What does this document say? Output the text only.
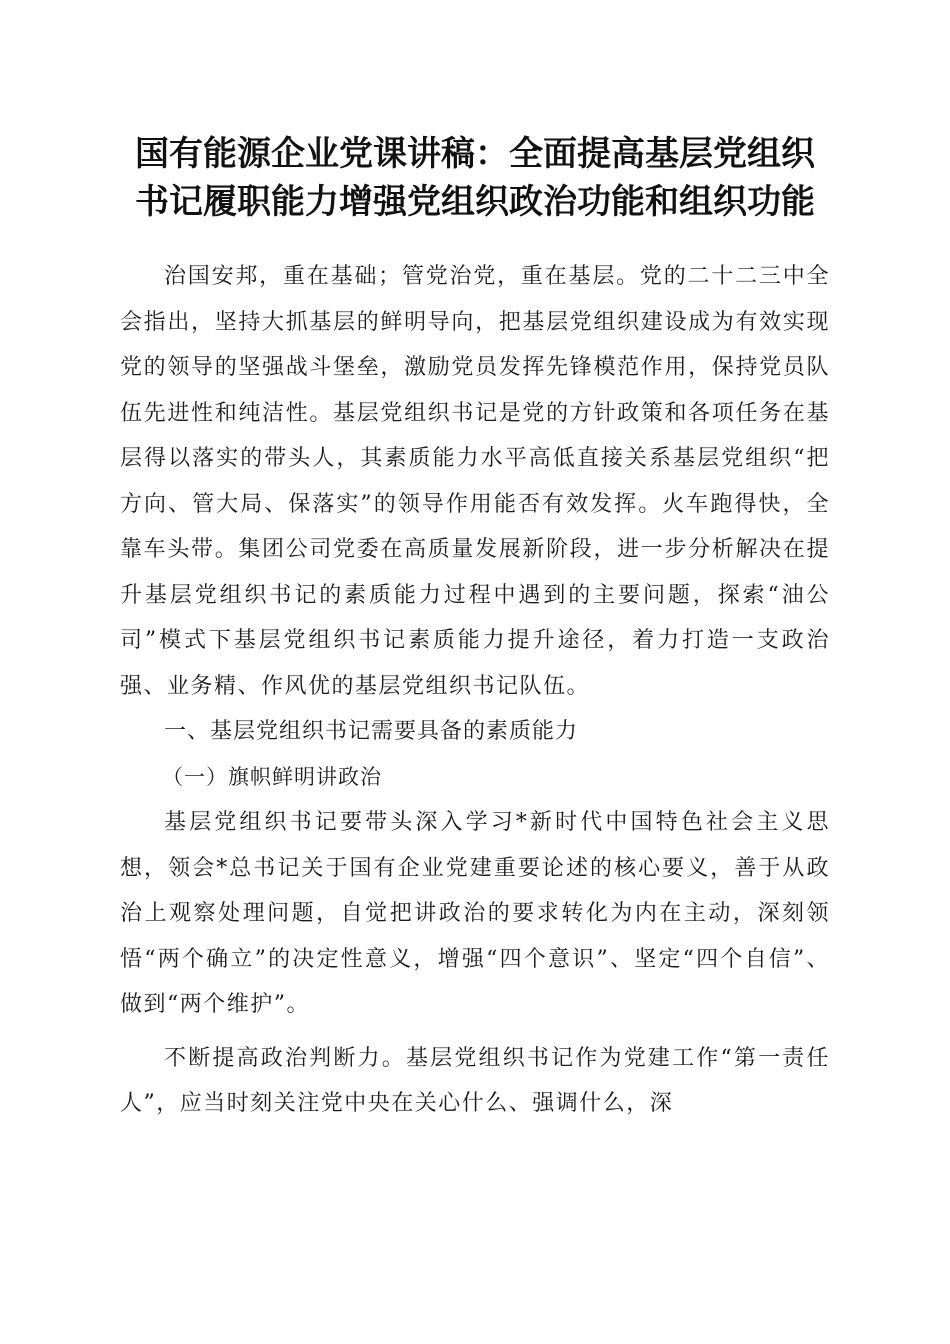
国有能源企业党课讲稿：全面提高基层党组织
书记履职能力增强党组织政治功能和组织功能

治国安邦，重在基础；管党治党，重在基层。党的二十二三中全会指出，坚持大抓基层的鲜明导向，把基层党组织建设成为有效实现党的领导的坚强战斗堡垒，激励党员发挥先锋模范作用，保持党员队伍先进性和纯洁性。基层党组织书记是党的方针政策和各项任务在基层得以落实的带头人，其素质能力水平高低直接关系基层党组织“把方向、管大局、保落实”的领导作用能否有效发挥。火车跑得快，全靠车头带。集团公司党委在高质量发展新阶段，进一步分析解决在提升基层党组织书记的素质能力过程中遇到的主要问题，探索“油公司”模式下基层党组织书记素质能力提升途径，着力打造一支政治强、业务精、作风优的基层党组织书记队伍。

一、基层党组织书记需要具备的素质能力

（一）旗帜鲜明讲政治

基层党组织书记要带头深入学习*新时代中国特色社会主义思想，领会*总书记关于国有企业党建重要论述的核心要义，善于从政治上观察处理问题，自觉把讲政治的要求转化为内在主动，深刻领悟“两个确立”的决定性意义，增强“四个意识”、坚定“四个自信”、做到“两个维护”。

不断提高政治判断力。基层党组织书记作为党建工作“第一责任人”，应当时刻关注党中央在关心什么、强调什么，深
